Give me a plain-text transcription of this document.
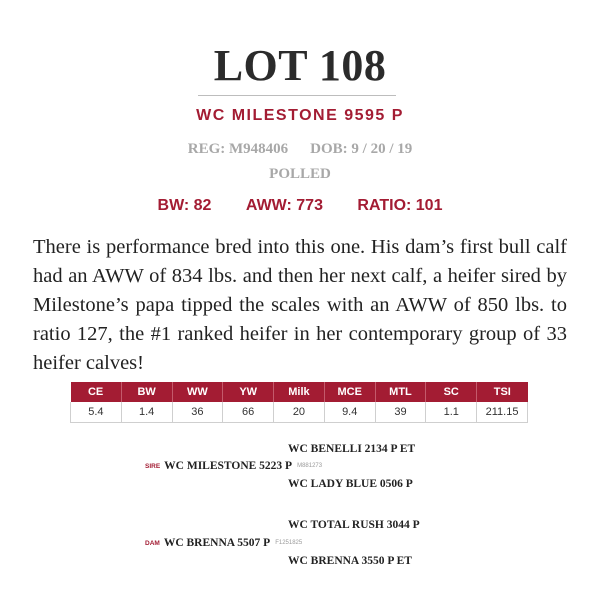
LOT 108
WC MILESTONE 9595 P
REG: M948406 DOB: 9 / 20 / 19
POLLED
BW: 82 AWW: 773 RATIO: 101
There is performance bred into this one. His dam’s first bull calf had an AWW of 834 lbs. and then her next calf, a heifer sired by Milestone’s papa tipped the scales with an AWW of 850 lbs. to ratio 127, the #1 ranked heifer in her contemporary group of 33 heifer calves!
CE	BW	WW	YW	Milk	MCE	MTL	SC	TSI
5.4	1.4	36	66	20	9.4	39	1.1	211.15
WC BENELLI 2134 P ET
SIRE WC MILESTONE 5223 P M881273
WC LADY BLUE 0506 P
WC TOTAL RUSH 3044 P
DAM WC BRENNA 5507 P F1251825
WC BRENNA 3550 P ET
